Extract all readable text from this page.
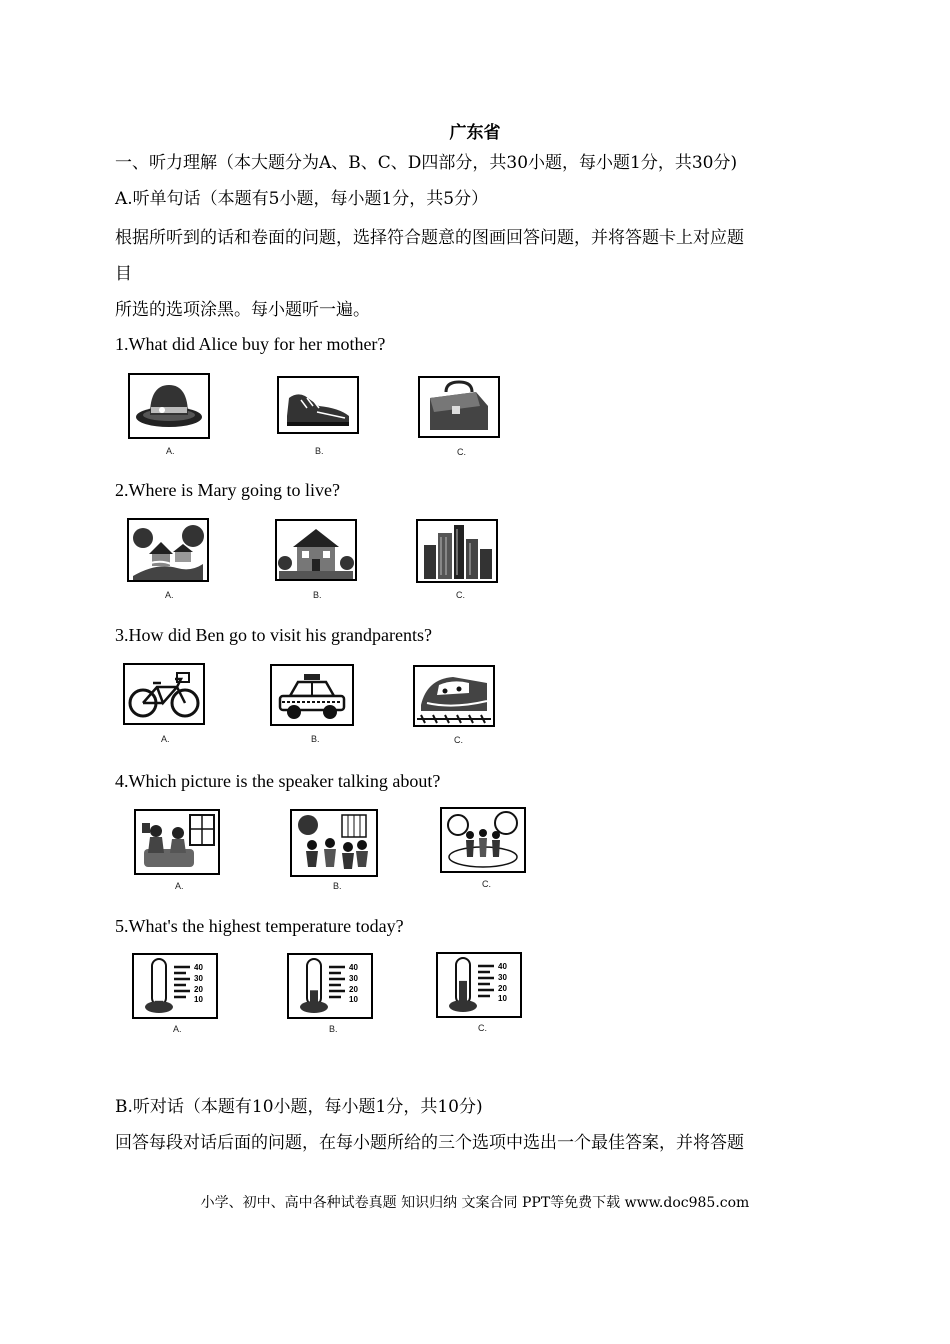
广东省
一、听力理解（本大题分为A、B、C、D四部分，共30小题，每小题1分，共30分)
A.听单句话（本题有5小题，每小题1分，共5分）
根据所听到的话和卷面的问题，选择符合题意的图画回答问题，并将答题卡上对应题
目
所选的选项涂黑。每小题听一遍。
1.What did Alice buy for her mother?
A.	B.	C.
2.Where is Mary going to live?
A.	B.	C.
3.How did Ben go to visit his grandparents?
A.	B.	C.
4.Which picture is the speaker talking about?
A.	B.	C.
5.What's the highest temperature today?
40
30
20
10
A.
40
30
20
10
B.
40
30
20
10
C.
B.听对话（本题有10小题，每小题1分，共10分)
回答每段对话后面的问题，在每小题所给的三个选项中选出一个最佳答案，并将答题
小学、初中、高中各种试卷真题 知识归纳 文案合同 PPT等免费下载 www.doc985.com
